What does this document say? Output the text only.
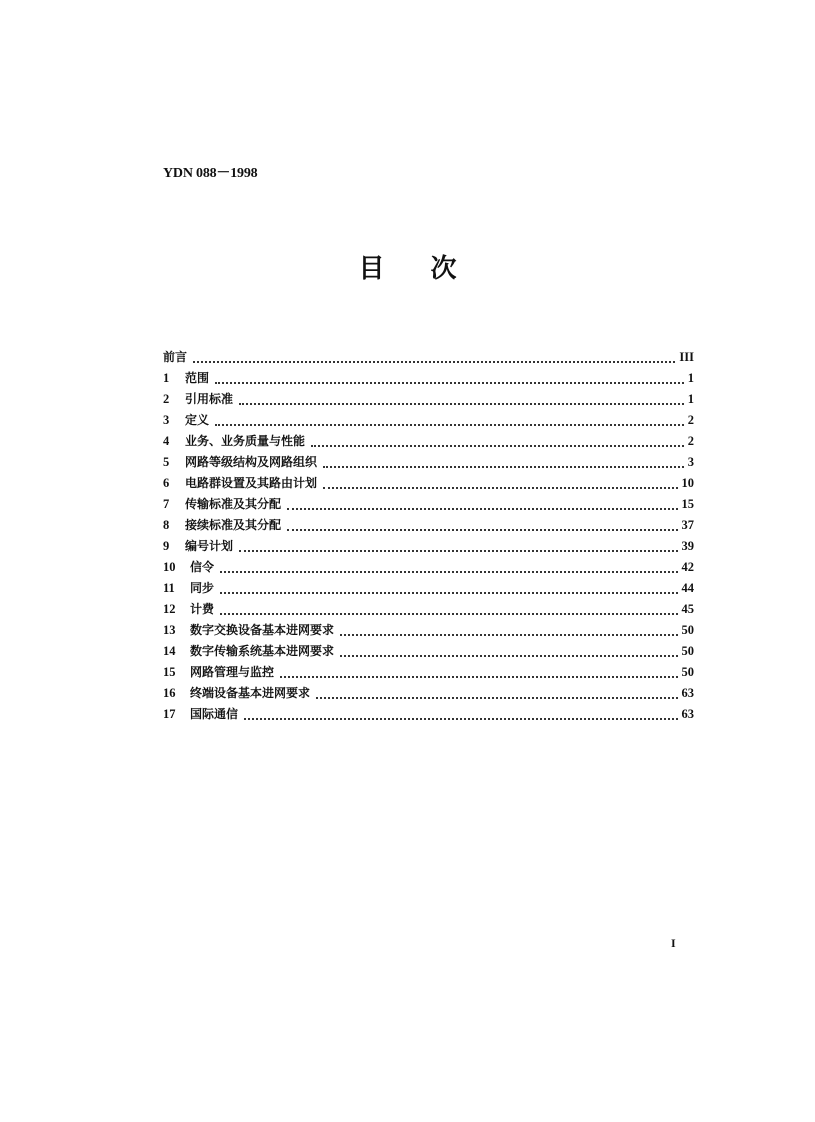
YDN 088－1998
目 次
前言	III
1	范围	1
2	引用标准	1
3	定义	2
4	业务、业务质量与性能	2
5	网路等级结构及网路组织	3
6	电路群设置及其路由计划	10
7	传输标准及其分配	15
8	接续标准及其分配	37
9	编号计划	39
10	信令	42
11	同步	44
12	计费	45
13	数字交换设备基本进网要求	50
14	数字传输系统基本进网要求	50
15	网路管理与监控	50
16	终端设备基本进网要求	63
17	国际通信	63
I
